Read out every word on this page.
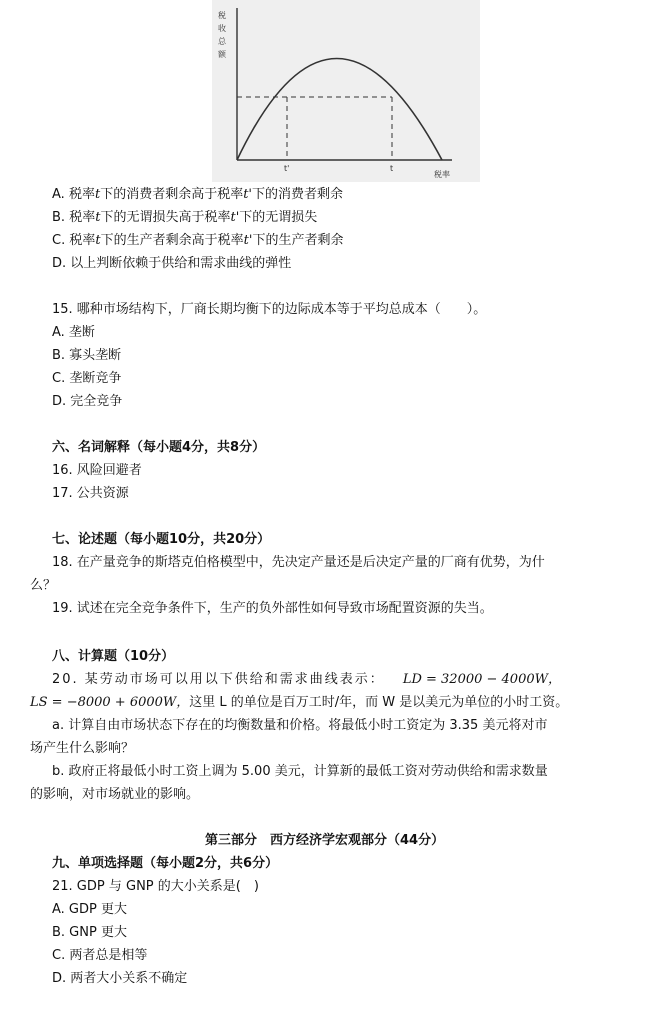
税
收
总
额
t'	t
税率
A. 税率t下的消费者剩余高于税率t'下的消费者剩余
B. 税率t下的无谓损失高于税率t'下的无谓损失
C. 税率t下的生产者剩余高于税率t'下的生产者剩余
D. 以上判断依赖于供给和需求曲线的弹性
15. 哪种市场结构下，厂商长期均衡下的边际成本等于平均总成本（　　）。
A. 垄断
B. 寡头垄断
C. 垄断竞争
D. 完全竞争
六、名词解释（每小题4分，共8分）
16. 风险回避者
17. 公共资源
七、论述题（每小题10分，共20分）
18. 在产量竞争的斯塔克伯格模型中，先决定产量还是后决定产量的厂商有优势，为什
么？
19. 试述在完全竞争条件下，生产的负外部性如何导致市场配置资源的失当。
八、计算题（10分）
20. 某劳动市场可以用以下供给和需求曲线表示： LD = 32000 − 4000W，
LS = −8000 + 6000W，这里 L 的单位是百万工时/年，而 W 是以美元为单位的小时工资。
a. 计算自由市场状态下存在的均衡数量和价格。将最低小时工资定为 3.35 美元将对市
场产生什么影响？
b. 政府正将最低小时工资上调为 5.00 美元，计算新的最低工资对劳动供给和需求数量
的影响，对市场就业的影响。
第三部分　西方经济学宏观部分（44分）
九、单项选择题（每小题2分，共6分）
21. GDP 与 GNP 的大小关系是(　)
A. GDP 更大
B. GNP 更大
C. 两者总是相等
D. 两者大小关系不确定
